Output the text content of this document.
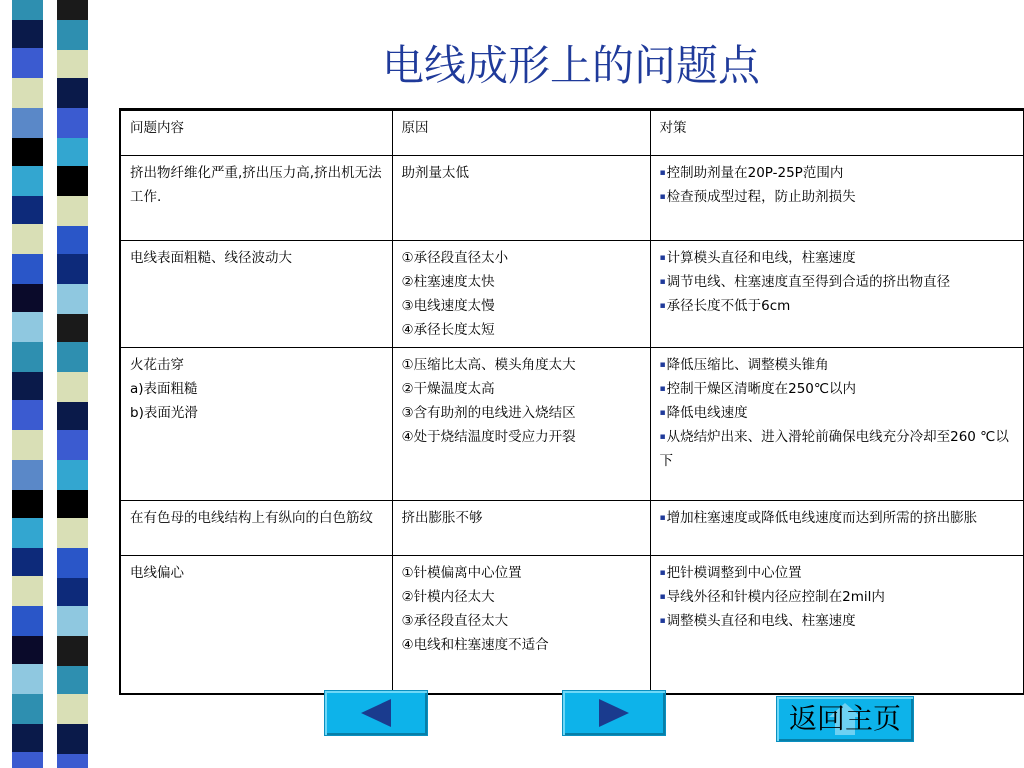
电线成形上的问题点
问题内容	原因	对策

挤出物纤维化严重,挤出压力高,挤出机无法工作.	助剂量太低	▪控制助剂量在20P-25P范围内
▪检查预成型过程，防止助剂损失

电线表面粗糙、线径波动大	①承径段直径太小
②柱塞速度太快
③电线速度太慢
④承径长度太短	▪计算模头直径和电线，柱塞速度
▪调节电线、柱塞速度直至得到合适的挤出物直径
▪承径长度不低于6cm

火花击穿
a)表面粗糙
b)表面光滑	①压缩比太高、模头角度太大
②干燥温度太高
③含有助剂的电线进入烧结区
④处于烧结温度时受应力开裂	▪降低压缩比、调整模头锥角
▪控制干燥区清晰度在250℃以内
▪降低电线速度
▪从烧结炉出来、进入滑轮前确保电线充分冷却至260 ℃以下

在有色母的电线结构上有纵向的白色筋纹	挤出膨胀不够	▪增加柱塞速度或降低电线速度而达到所需的挤出膨胀

电线偏心	①针模偏离中心位置
②针模内径太大
③承径段直径太大
④电线和柱塞速度不适合	▪把针模调整到中心位置
▪导线外径和针模内径应控制在2mil内
▪调整模头直径和电线、柱塞速度
返回主页
